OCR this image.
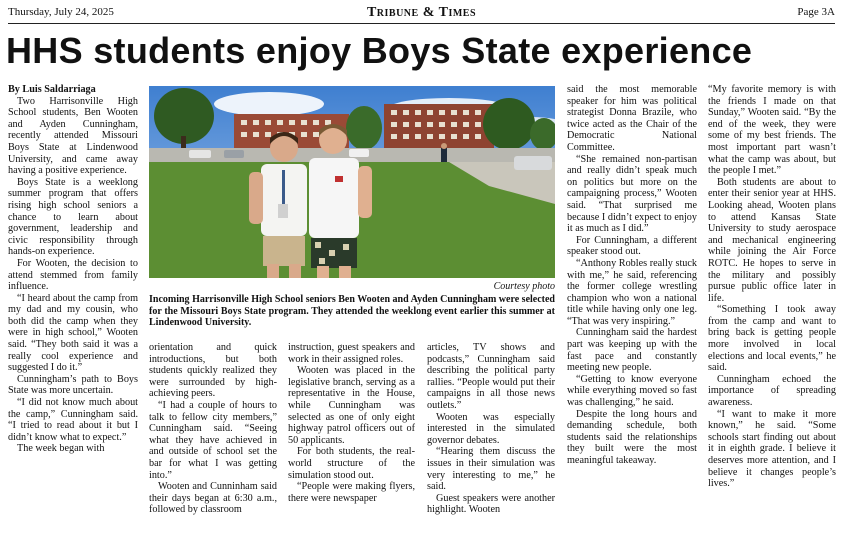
Thursday, July 24, 2025	Tribune & Times	Page 3A
HHS students enjoy Boys State experience

By Luis Saldarriaga

Two Harrisonville High School students, Ben Wooten and Ayden Cunningham, recently attended Missouri Boys State at Lindenwood University, and came away having a positive experience.

Boys State is a weeklong summer program that offers rising high school seniors a chance to learn about government, leadership and civic responsibility through hands-on experience.

For Wooten, the decision to attend stemmed from family influence.

“I heard about the camp from my dad and my cousin, who both did the camp when they were in high school,” Wooten said. “They both said it was a really cool experience and suggested I do it.”

Cunningham’s path to Boys State was more uncertain.

“I did not know much about the camp,” Cunningham said. “I tried to read about it but I didn’t know what to expect.”

The week began with

Courtesy photo
Incoming Harrisonville High School seniors Ben Wooten and Ayden Cunningham were selected for the Missouri Boys State program. They attended the weeklong event earlier this summer at Lindenwood University.

orientation and quick introductions, but both students quickly realized they were surrounded by high-achieving peers.

“I had a couple of hours to talk to fellow city members,” Cunningham said. “Seeing what they have achieved in and outside of school set the bar for what I was getting into.”

Wooten and Cunninham said their days began at 6:30 a.m., followed by classroom

instruction, guest speakers and work in their assigned roles.

Wooten was placed in the legislative branch, serving as a representative in the House, while Cunningham was selected as one of only eight highway patrol officers out of 50 applicants.

For both students, the real-world structure of the simulation stood out.

“People were making flyers, there were newspaper

articles, TV shows and podcasts,” Cunningham said describing the political party rallies. “People would put their campaigns in all those news outlets.”

Wooten was especially interested in the simulated governor debates.

“Hearing them discuss the issues in their simulation was very interesting to me,” he said.

Guest speakers were another highlight. Wooten

said the most memorable speaker for him was political strategist Donna Brazile, who twice acted as the Chair of the Democratic National Committee.

“She remained non-partisan and really didn’t speak much on politics but more on the campaigning process,” Wooten said. “That surprised me because I didn’t expect to enjoy it as much as I did.”

For Cunningham, a different speaker stood out.

“Anthony Robles really stuck with me,” he said, referencing the former college wrestling champion who won a national title while having only one leg. “That was very inspiring.”

Cunningham said the hardest part was keeping up with the fast pace and constantly meeting new people.

“Getting to know everyone while everything moved so fast was challenging,” he said.

Despite the long hours and demanding schedule, both students said the relationships they built were the most meaningful takeaway.

“My favorite memory is with the friends I made on that Sunday,” Wooten said. “By the end of the week, they were some of my best friends. The most important part wasn’t what the camp was about, but the people I met.”

Both students are about to enter their senior year at HHS. Looking ahead, Wooten plans to attend Kansas State University to study aerospace and mechanical engineering while joining the Air Force ROTC. He hopes to serve in the military and possibly pursue public office later in life.

“Something I took away from the camp and want to bring back is getting people more involved in local elections and local events,” he said.

Cunningham echoed the importance of spreading awareness.

“I want to make it more known,” he said. “Some schools start finding out about it in eighth grade. I believe it deserves more attention, and I believe it changes people’s lives.”
